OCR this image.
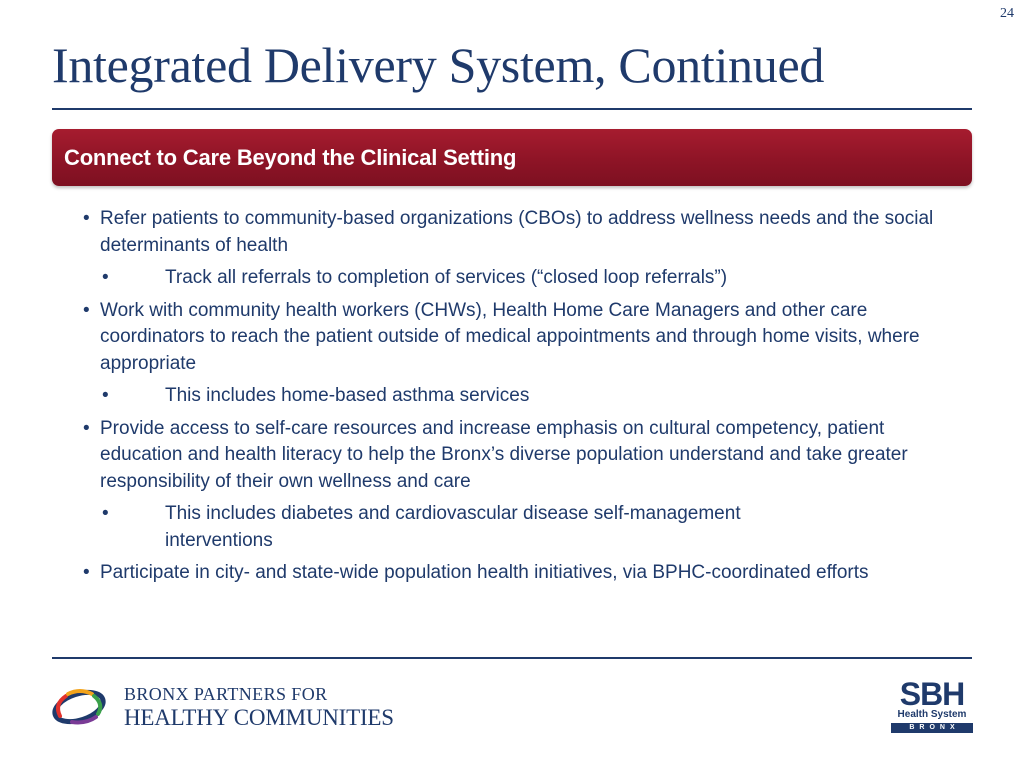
24
Integrated Delivery System, Continued
Connect to Care Beyond the Clinical Setting
• Refer patients to community-based organizations (CBOs) to address wellness needs and the social determinants of health
• Track all referrals to completion of services (“closed loop referrals”)
• Work with community health workers (CHWs), Health Home Care Managers and other care coordinators to reach the patient outside of medical appointments and through home visits, where appropriate
• This includes home-based asthma services
• Provide access to self-care resources and increase emphasis on cultural competency, patient education and health literacy to help the Bronx’s diverse population understand and take greater responsibility of their own wellness and care
• This includes diabetes and cardiovascular disease self-management interventions
• Participate in city- and state-wide population health initiatives, via BPHC-coordinated efforts
BRONX PARTNERS FOR
HEALTHY COMMUNITIES
SBH
Health System
BRONX
